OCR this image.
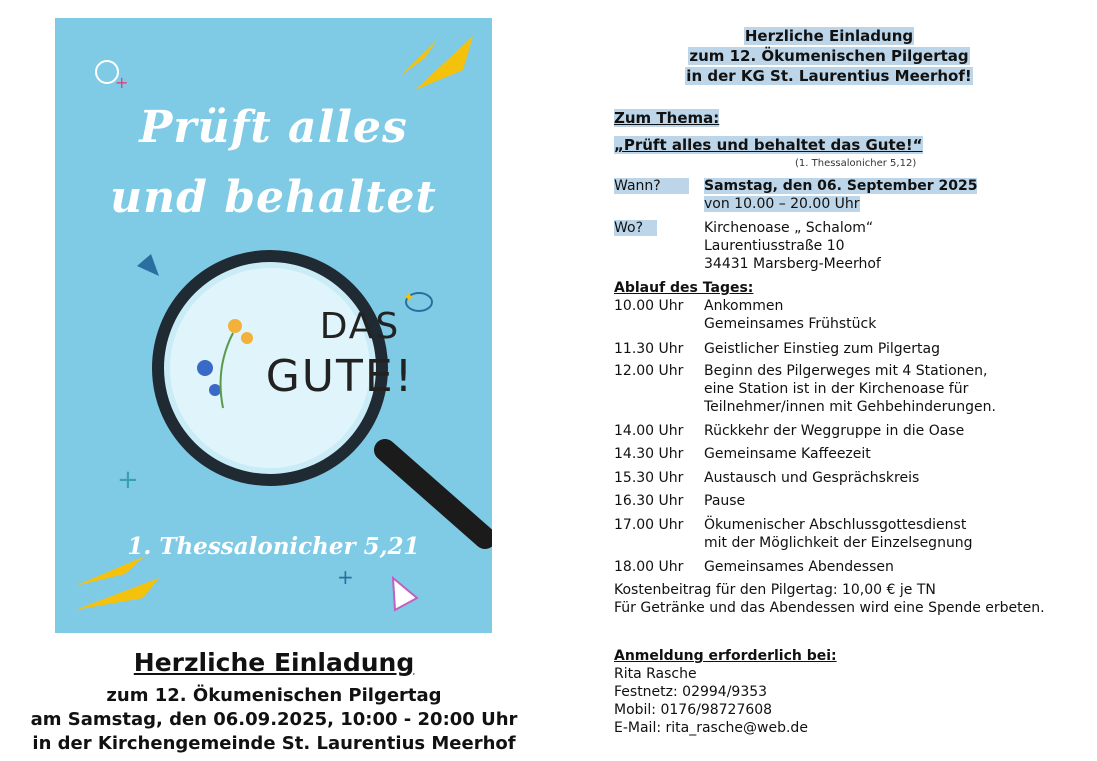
+
✦
+
+
Prüft alles
und behaltet
DAS
GUTE!
1. Thessalonicher 5,21
Herzliche Einladung
zum 12. Ökumenischen Pilgertag
am Samstag, den 06.09.2025, 10:00 - 20:00 Uhr
in der Kirchengemeinde St. Laurentius Meerhof
Herzliche Einladung
zum 12. Ökumenischen Pilgertag
in der KG St. Laurentius Meerhof!
Zum Thema:
„Prüft alles und behaltet das Gute!“
(1. Thessalonicher 5,12)
Wann?	Samstag, den 06. September 2025
von 10.00 – 20.00 Uhr
Wo?	Kirchenoase „ Schalom“
Laurentiusstraße 10
34431 Marsberg-Meerhof
Ablauf des Tages:
10.00 Uhr Ankommen
Gemeinsames Frühstück
11.30 Uhr Geistlicher Einstieg zum Pilgertag
12.00 Uhr Beginn des Pilgerweges mit 4 Stationen,
eine Station ist in der Kirchenoase für
Teilnehmer/innen mit Gehbehinderungen.
14.00 Uhr Rückkehr der Weggruppe in die Oase
14.30 Uhr Gemeinsame Kaffeezeit
15.30 Uhr Austausch und Gesprächskreis
16.30 Uhr Pause
17.00 Uhr Ökumenischer Abschlussgottesdienst
mit der Möglichkeit der Einzelsegnung
18.00 Uhr Gemeinsames Abendessen
Kostenbeitrag für den Pilgertag: 10,00 € je TN
Für Getränke und das Abendessen wird eine Spende erbeten.
Anmeldung erforderlich bei:
Rita Rasche
Festnetz: 02994/9353
Mobil: 0176/98727608
E-Mail: rita_rasche@web.de
